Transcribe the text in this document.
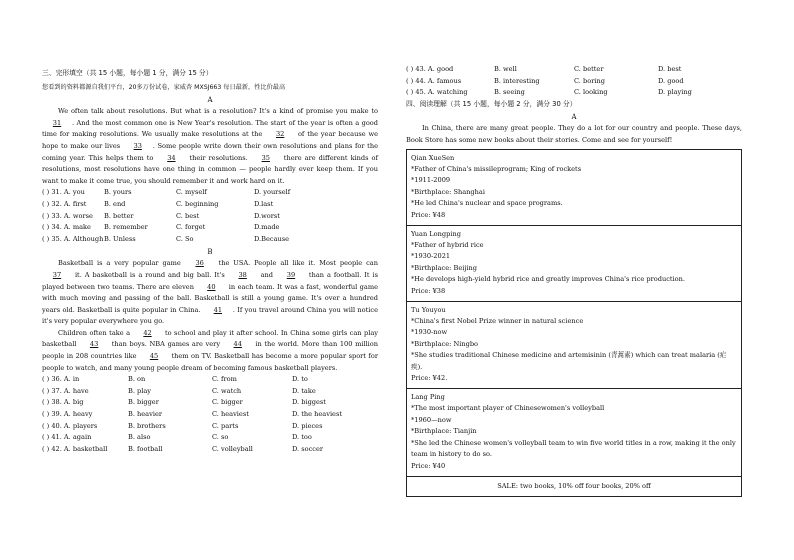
三、完形填空（共 15 小题，每小题 1 分，满分 15 分）
您看到的资料都源自我们平台，20多万份试卷，家威杏 MXSJ663 每日最新，性比价最高
A
We often talk about resolutions. But what is a resolution? It's a kind of promise you make to 31 . And the most common one is New Year's resolution. The start of the year is often a good time for making resolutions. We usually make resolutions at the 32 of the year because we hope to make our lives 33 . Some people write down their own resolutions and plans for the coming year. This helps them to 34 their resolutions. 35 there are different kinds of resolutions, most resolutions have one thing in common — people hardly ever keep them. If you want to make it come true, you should remember it and work hard on it.
( ) 31. A. you	B. yours	C. myself	D. yourself
( ) 32. A. first	B. end	C. beginning	D.last
( ) 33. A. worse	B. better	C. best	D.worst
( ) 34. A. make	B. remember	C. forget	D.made
( ) 35. A. Although B. Unless	C. So	D.Because
B
Basketball is a very popular game 36 the USA. People all like it. Most people can 37 it. A basketball is a round and big ball. It's 38 and 39 than a football. It is played between two teams. There are eleven 40 in each team. It was a fast, wonderful game with much moving and passing of the ball. Basketball is still a young game. It's over a hundred years old. Basketball is quite popular in China. 41 . If you travel around China you will notice it's very popular everywhere you go.
Children often take a 42 to school and play it after school. In China some girls can play basketball 43 than boys. NBA games are very 44 in the world. More than 100 million people in 208 countries like 45 them on TV. Basketball has become a more popular sport for people to watch, and many young people dream of becoming famous basketball players.
( ) 36. A. in	B. on	C. from	D. to
( ) 37. A. have	B. play	C. watch	D. take
( ) 38. A. big	B. bigger	C. bigger	D. biggest
( ) 39. A. heavy	B. heavier	C. heaviest	D. the heaviest
( ) 40. A. players	B. brothers	C. parts	D. pieces
( ) 41. A. again	B. also	C. so	D. too
( ) 42. A. basketball	B. football	C. volleyball	D. soccer
( ) 43. A. good	B. well	C. better	D. best
( ) 44. A. famous	B. interesting	C. boring	D. good
( ) 45. A. watching	B. seeing	C. looking	D. playing
四、阅读理解（共 15 小题，每小题 2 分，满分 30 分）
A
In China, there are many great people. They do a lot for our country and people. These days, Book Store has some new books about their stories. Come and see for yourself!
Qian XueSen
*Father of China's missileprogram; King of rockets
*1911-2009
*Birthplace: Shanghai
*He led China's nuclear and space programs.
Price: ¥48
Yuan Longping
*Father of hybrid rice
*1930-2021
*Birthplace: Beijing
*He develops high-yield hybrid rice and greatly improves China's rice production.
Price: ¥38
Tu Youyou
*China's first Nobel Prize winner in natural science
*1930-now
*Birthplace: Ningbo
*She studies traditional Chinese medicine and artemisinin (青蒿素) which can treat malaria (疟疾).
Price: ¥42.
Lang Ping
*The most important player of Chinesewomen's volleyball
*1960—now
*Birthplace: Tianjin
*She led the Chinese women's volleyball team to win five world titles in a row, making it the only team in history to do so.
Price: ¥40
SALE: two books, 10% off four books, 20% off
